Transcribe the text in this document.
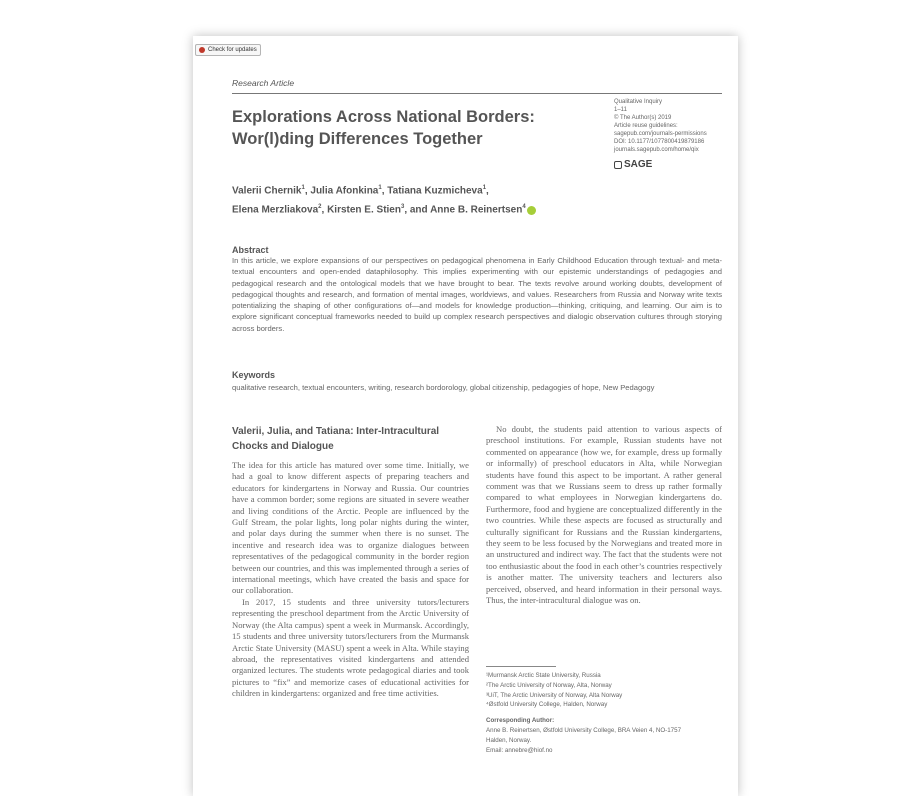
Check for updates
Research Article
Explorations Across National Borders:
Wor(l)ding Differences Together
Qualitative Inquiry
1–11
© The Author(s) 2019
Article reuse guidelines:
sagepub.com/journals-permissions
DOI: 10.1177/1077800419879186
journals.sagepub.com/home/qix
SAGE
Valerii Chernik$^1$, Julia Afonkina$^1$, Tatiana Kuzmicheva$^1$,
Elena Merzliakova$^2$, Kirsten E. Stien$^3$, and Anne B. Reinertsen$^4$
Abstract

In this article, we explore expansions of our perspectives on pedagogical phenomena in Early Childhood Education through textual- and meta-textual encounters and open-ended dataphilosophy. This implies experimenting with our epistemic understandings of pedagogies and pedagogical research and the ontological models that we have brought to bear. The texts revolve around working doubts, development of pedagogical thoughts and research, and formation of mental images, worldviews, and values. Researchers from Russia and Norway write texts potentializing the shaping of other configurations of—and models for knowledge production—thinking, critiquing, and learning. Our aim is to explore significant conceptual frameworks needed to build up complex research perspectives and dialogic observation cultures through storying across borders.

Keywords

qualitative research, textual encounters, writing, research bordorology, global citizenship, pedagogies of hope, New Pedagogy

Valerii, Julia, and Tatiana: Inter-Intracultural Chocks and Dialogue

The idea for this article has matured over some time. Initially, we had a goal to know different aspects of preparing teachers and educators for kindergartens in Norway and Russia. Our countries have a common border; some regions are situated in severe weather and living conditions of the Arctic. People are influenced by the Gulf Stream, the polar lights, long polar nights during the winter, and polar days during the summer when there is no sunset. The incentive and research idea was to organize dialogues between representatives of the pedagogical community in the border region between our countries, and this was implemented through a series of international meetings, which have created the basis and space for our collaboration.

In 2017, 15 students and three university tutors/lecturers representing the preschool department from the Arctic University of Norway (the Alta campus) spent a week in Murmansk. Accordingly, 15 students and three university tutors/lecturers from the Murmansk Arctic State University (MASU) spent a week in Alta. While staying abroad, the representatives visited kindergartens and attended organized lectures. The students wrote pedagogical diaries and took pictures to “fix” and memorize cases of educational activities for children in kindergartens: organized and free time activities.

No doubt, the students paid attention to various aspects of preschool institutions. For example, Russian students have not commented on appearance (how we, for example, dress up formally or informally) of preschool educators in Alta, while Norwegian students have found this aspect to be important. A rather general comment was that we Russians seem to dress up rather formally compared to what employees in Norwegian kindergartens do. Furthermore, food and hygiene are conceptualized differently in the two countries. While these aspects are focused as structurally and culturally significant for Russians and the Russian kindergartens, they seem to be less focused by the Norwegians and treated more in an unstructured and indirect way. The fact that the students were not too enthusiastic about the food in each other’s countries respectively is another matter. The university teachers and lecturers also perceived, observed, and heard information in their personal ways. Thus, the inter-intracultural dialogue was on.

¹Murmansk Arctic State University, Russia
²The Arctic University of Norway, Alta, Norway
³UiT, The Arctic University of Norway, Alta Norway
⁴Østfold University College, Halden, Norway
Corresponding Author:
Anne B. Reinertsen, Østfold University College, BRA Veien 4, NO-1757
Halden, Norway.
Email: annebre@hiof.no
